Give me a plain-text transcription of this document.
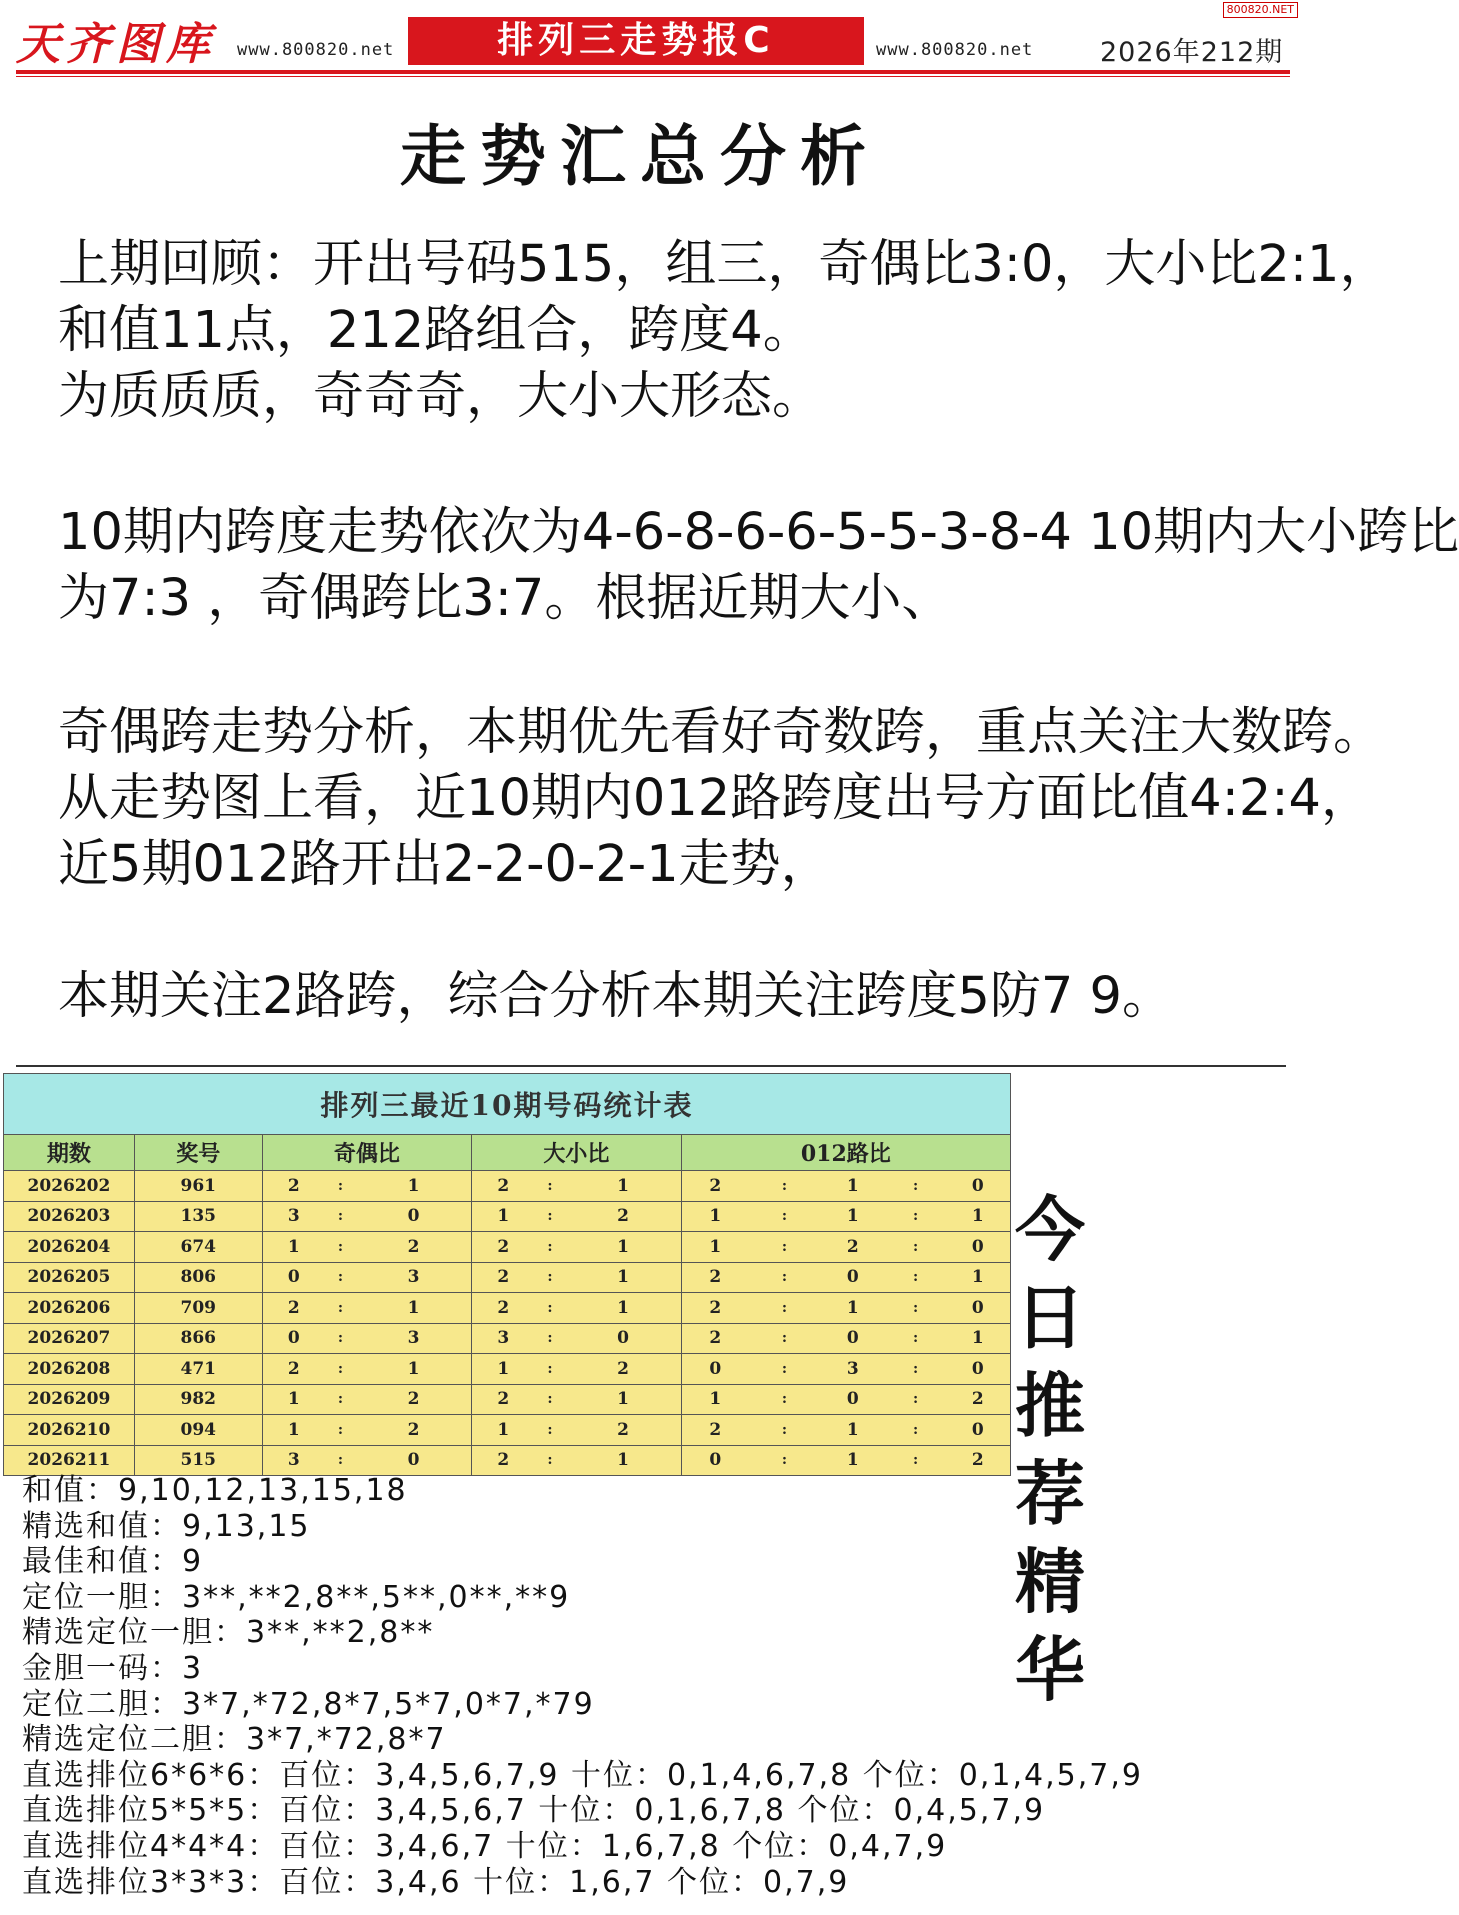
天齐图库 www.800820.net	排列三走势报C	www.800820.net 2026年212期
800820.NET
走势汇总分析
上期回顾：开出号码515，组三，奇偶比3:0，大小比2:1，
和值11点，212路组合，跨度4。
为质质质，奇奇奇，大小大形态。
10期内跨度走势依次为4-6-8-6-6-5-5-3-8-4 10期内大小跨比
为7:3 ，奇偶跨比3:7。根据近期大小、
奇偶跨走势分析，本期优先看好奇数跨，重点关注大数跨。
从走势图上看，近10期内012路跨度出号方面比值4:2:4，
近5期012路开出2-2-0-2-1走势，
本期关注2路跨，综合分析本期关注跨度5防7 9。
排列三最近10期号码统计表												
期数	奖号	奇偶比			大小比			012路比				
2026202	961	2	:	1	2	:	1	2	:	1	:	0
2026203	135	3	:	0	1	:	2	1	:	1	:	1
2026204	674	1	:	2	2	:	1	1	:	2	:	0
2026205	806	0	:	3	2	:	1	2	:	0	:	1
2026206	709	2	:	1	2	:	1	2	:	1	:	0
2026207	866	0	:	3	3	:	0	2	:	0	:	1
2026208	471	2	:	1	1	:	2	0	:	3	:	0
2026209	982	1	:	2	2	:	1	1	:	0	:	2
2026210	094	1	:	2	1	:	2	2	:	1	:	0
2026211	515	3	:	0	2	:	1	0	:	1	:	2
今日
推荐
精华
和值：9,10,12,13,15,18
精选和值：9,13,15
最佳和值：9
定位一胆：3**,**2,8**,5**,0**,**9
精选定位一胆：3**,**2,8**
金胆一码：3
定位二胆：3*7,*72,8*7,5*7,0*7,*79
精选定位二胆：3*7,*72,8*7
直选排位6*6*6：百位：3,4,5,6,7,9 十位：0,1,4,6,7,8 个位：0,1,4,5,7,9
直选排位5*5*5：百位：3,4,5,6,7 十位：0,1,6,7,8 个位：0,4,5,7,9
直选排位4*4*4：百位：3,4,6,7 十位：1,6,7,8 个位：0,4,7,9
直选排位3*3*3：百位：3,4,6 十位：1,6,7 个位：0,7,9
